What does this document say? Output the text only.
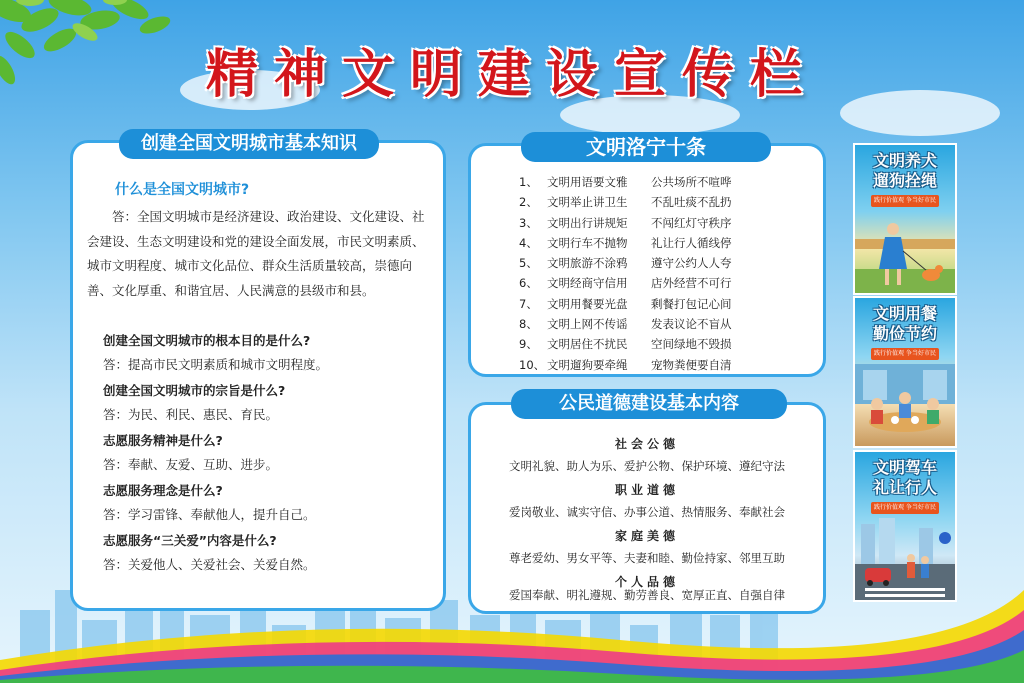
精神文明建设宣传栏
创建全国文明城市基本知识
什么是全国文明城市?
答：全国文明城市是经济建设、政治建设、文化建设、社会建设、生态文明建设和党的建设全面发展，市民文明素质、城市文明程度、城市文化品位、群众生活质量较高，崇德向善、文化厚重、和谐宜居、人民满意的县级市和县。
创建全国文明城市的根本目的是什么?
答：提高市民文明素质和城市文明程度。
创建全国文明城市的宗旨是什么?
答：为民、利民、惠民、育民。
志愿服务精神是什么?
答：奉献、友爱、互助、进步。
志愿服务理念是什么?
答：学习雷锋、奉献他人，提升自己。
志愿服务“三关爱”内容是什么?
答：关爱他人、关爱社会、关爱自然。
文明洛宁十条
1、 文明用语要文雅 公共场所不喧哗
2、 文明举止讲卫生 不乱吐痰不乱扔
3、 文明出行讲规矩 不闯红灯守秩序
4、 文明行车不抛物 礼让行人循线停
5、 文明旅游不涂鸦 遵守公约人人夸
6、 文明经商守信用 店外经营不可行
7、 文明用餐要光盘 剩餐打包记心间
8、 文明上网不传谣 发表议论不盲从
9、 文明居住不扰民 空间绿地不毁损
10、 文明遛狗要牵绳 宠物粪便要自清
公民道德建设基本内容
社会公德
文明礼貌、助人为乐、爱护公物、保护环境、遵纪守法
职业道德
爱岗敬业、诚实守信、办事公道、热情服务、奉献社会
家庭美德
尊老爱幼、男女平等、夫妻和睦、勤俭持家、邻里互助
个人品德
爱国奉献、明礼遵规、勤劳善良、宽厚正直、自强自律
文明养犬
遛狗拴绳
践行价值观 争当好市民
文明用餐
勤俭节约
践行价值观 争当好市民
文明驾车
礼让行人
践行价值观 争当好市民
